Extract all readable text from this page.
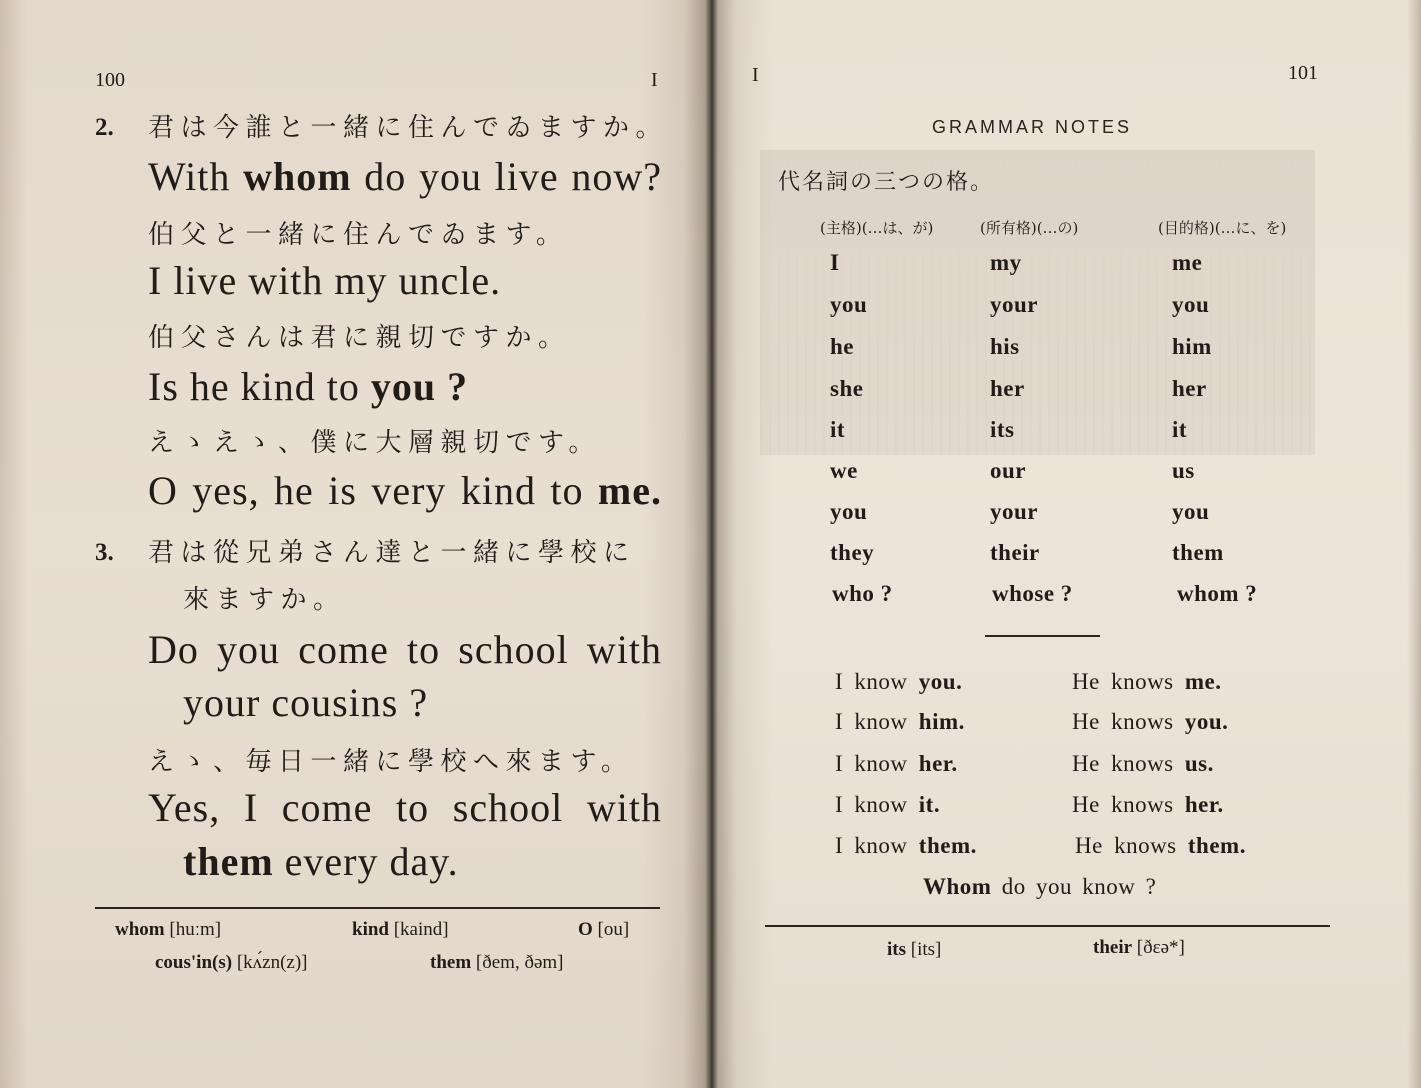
100	I
2. 君は今誰と一緒に住んでゐますか。
With whom do you live now?
伯父と一緒に住んでゐます。
I live with my uncle.
伯父さんは君に親切ですか。
Is he kind to you ?
えゝえゝ、僕に大層親切です。
O yes, he is very kind to me.
3. 君は從兄弟さん達と一緒に學校に
來ますか。
Do you come to school with
your cousins ?
えゝ、毎日一緒に學校へ來ます。
Yes, I come to school with
them every day.
whom [huːm]	kind [kaind]	O [ou]
cous'in(s) [kʌ́zn(z)]	them [ðem, ðəm]
I	101
GRAMMAR NOTES
代名詞の三つの格。
(主格)(…は、が)	(所有格)(…の)	(目的格)(…に、を)
I	my	me
you	your	you
he	his	him
she	her	her
it	its	it
we	our	us
you	your	you
they	their	them
who ?	whose ?	whom ?
I know you.	He knows me.
I know him.	He knows you.
I know her.	He knows us.
I know it.	He knows her.
I know them.	He knows them.
Whom do you know ?
its [its]	their [ðɛə*]
